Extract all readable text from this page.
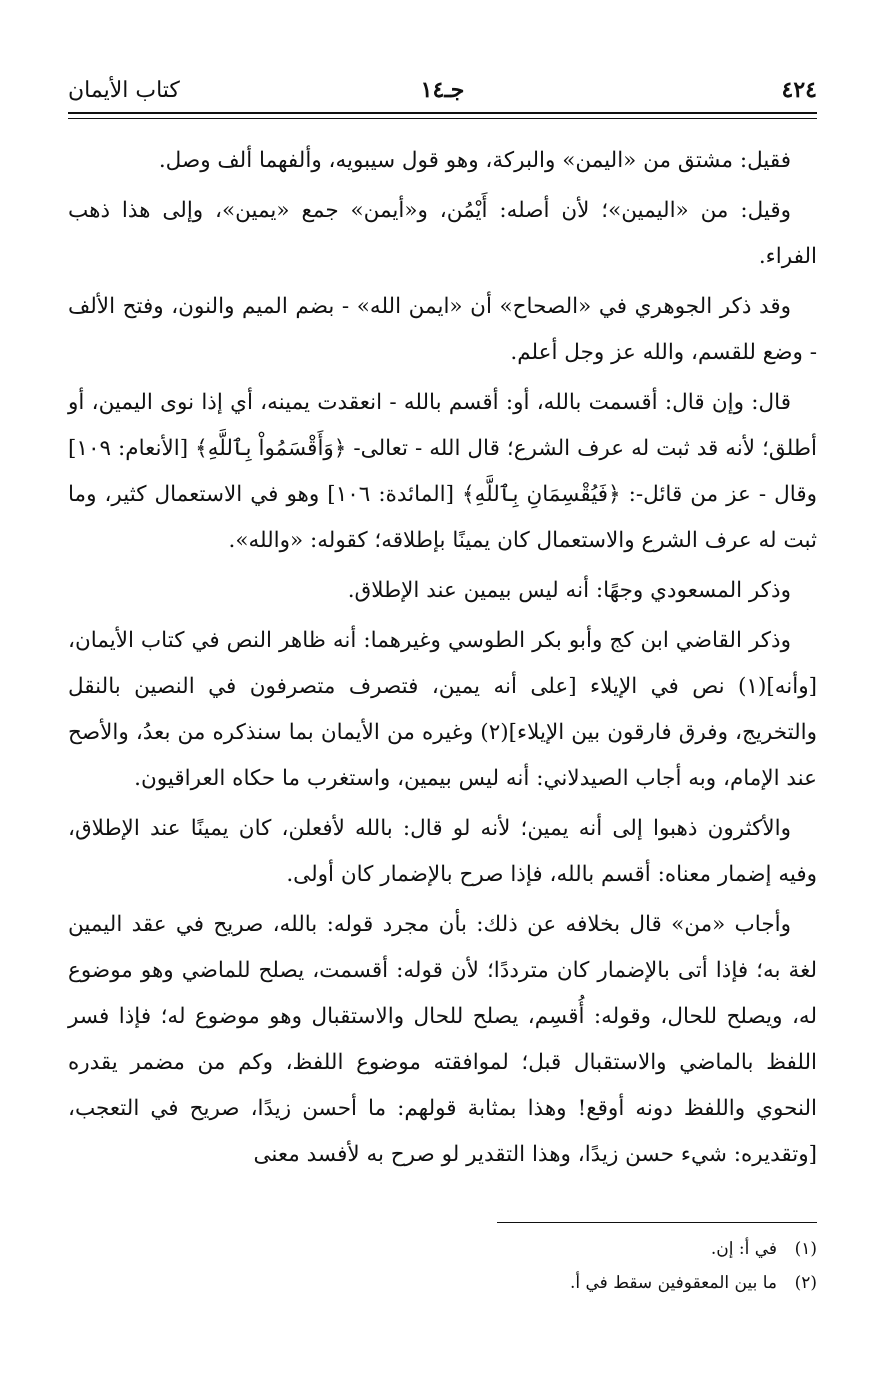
٤٢٤
جـ١٤
كتاب الأيمان

فقيل: مشتق من «اليمن» والبركة، وهو قول سيبويه، وألفهما ألف وصل.

وقيل: من «اليمين»؛ لأن أصله: أَيْمُن، و«أيمن» جمع «يمين»، وإلى هذا ذهب الفراء.

وقد ذكر الجوهري في «الصحاح» أن «ايمن الله» - بضم الميم والنون، وفتح الألف - وضع للقسم، والله عز وجل أعلم.

قال: وإن قال: أقسمت بالله، أو: أقسم بالله - انعقدت يمينه، أي إذا نوى اليمين، أو أطلق؛ لأنه قد ثبت له عرف الشرع؛ قال الله - تعالى- ﴿وَأَقْسَمُواْ بِٱللَّهِ﴾ [الأنعام: ١٠٩] وقال - عز من قائل-: ﴿فَيُقْسِمَانِ بِٱللَّهِ﴾ [المائدة: ١٠٦] وهو في الاستعمال كثير، وما ثبت له عرف الشرع والاستعمال كان يمينًا بإطلاقه؛ كقوله: «والله».

وذكر المسعودي وجهًا: أنه ليس بيمين عند الإطلاق.

وذكر القاضي ابن كج وأبو بكر الطوسي وغيرهما: أنه ظاهر النص في كتاب الأيمان، [وأنه](١) نص في الإيلاء [على أنه يمين، فتصرف متصرفون في النصين بالنقل والتخريج، وفرق فارقون بين الإيلاء](٢) وغيره من الأيمان بما سنذكره من بعدُ، والأصح عند الإمام، وبه أجاب الصيدلاني: أنه ليس بيمين، واستغرب ما حكاه العراقيون.

والأكثرون ذهبوا إلى أنه يمين؛ لأنه لو قال: بالله لأفعلن، كان يمينًا عند الإطلاق، وفيه إضمار معناه: أقسم بالله، فإذا صرح بالإضمار كان أولى.

وأجاب «من» قال بخلافه عن ذلك: بأن مجرد قوله: بالله، صريح في عقد اليمين لغة به؛ فإذا أتى بالإضمار كان مترددًا؛ لأن قوله: أقسمت، يصلح للماضي وهو موضوع له، ويصلح للحال، وقوله: أُقسِم، يصلح للحال والاستقبال وهو موضوع له؛ فإذا فسر اللفظ بالماضي والاستقبال قبل؛ لموافقته موضوع اللفظ، وكم من مضمر يقدره النحوي واللفظ دونه أوقع! وهذا بمثابة قولهم: ما أحسن زيدًا، صريح في التعجب، [وتقديره: شيء حسن زيدًا، وهذا التقدير لو صرح به لأفسد معنى

(١)
في أ: إن.
(٢)
ما بين المعقوفين سقط في أ.
